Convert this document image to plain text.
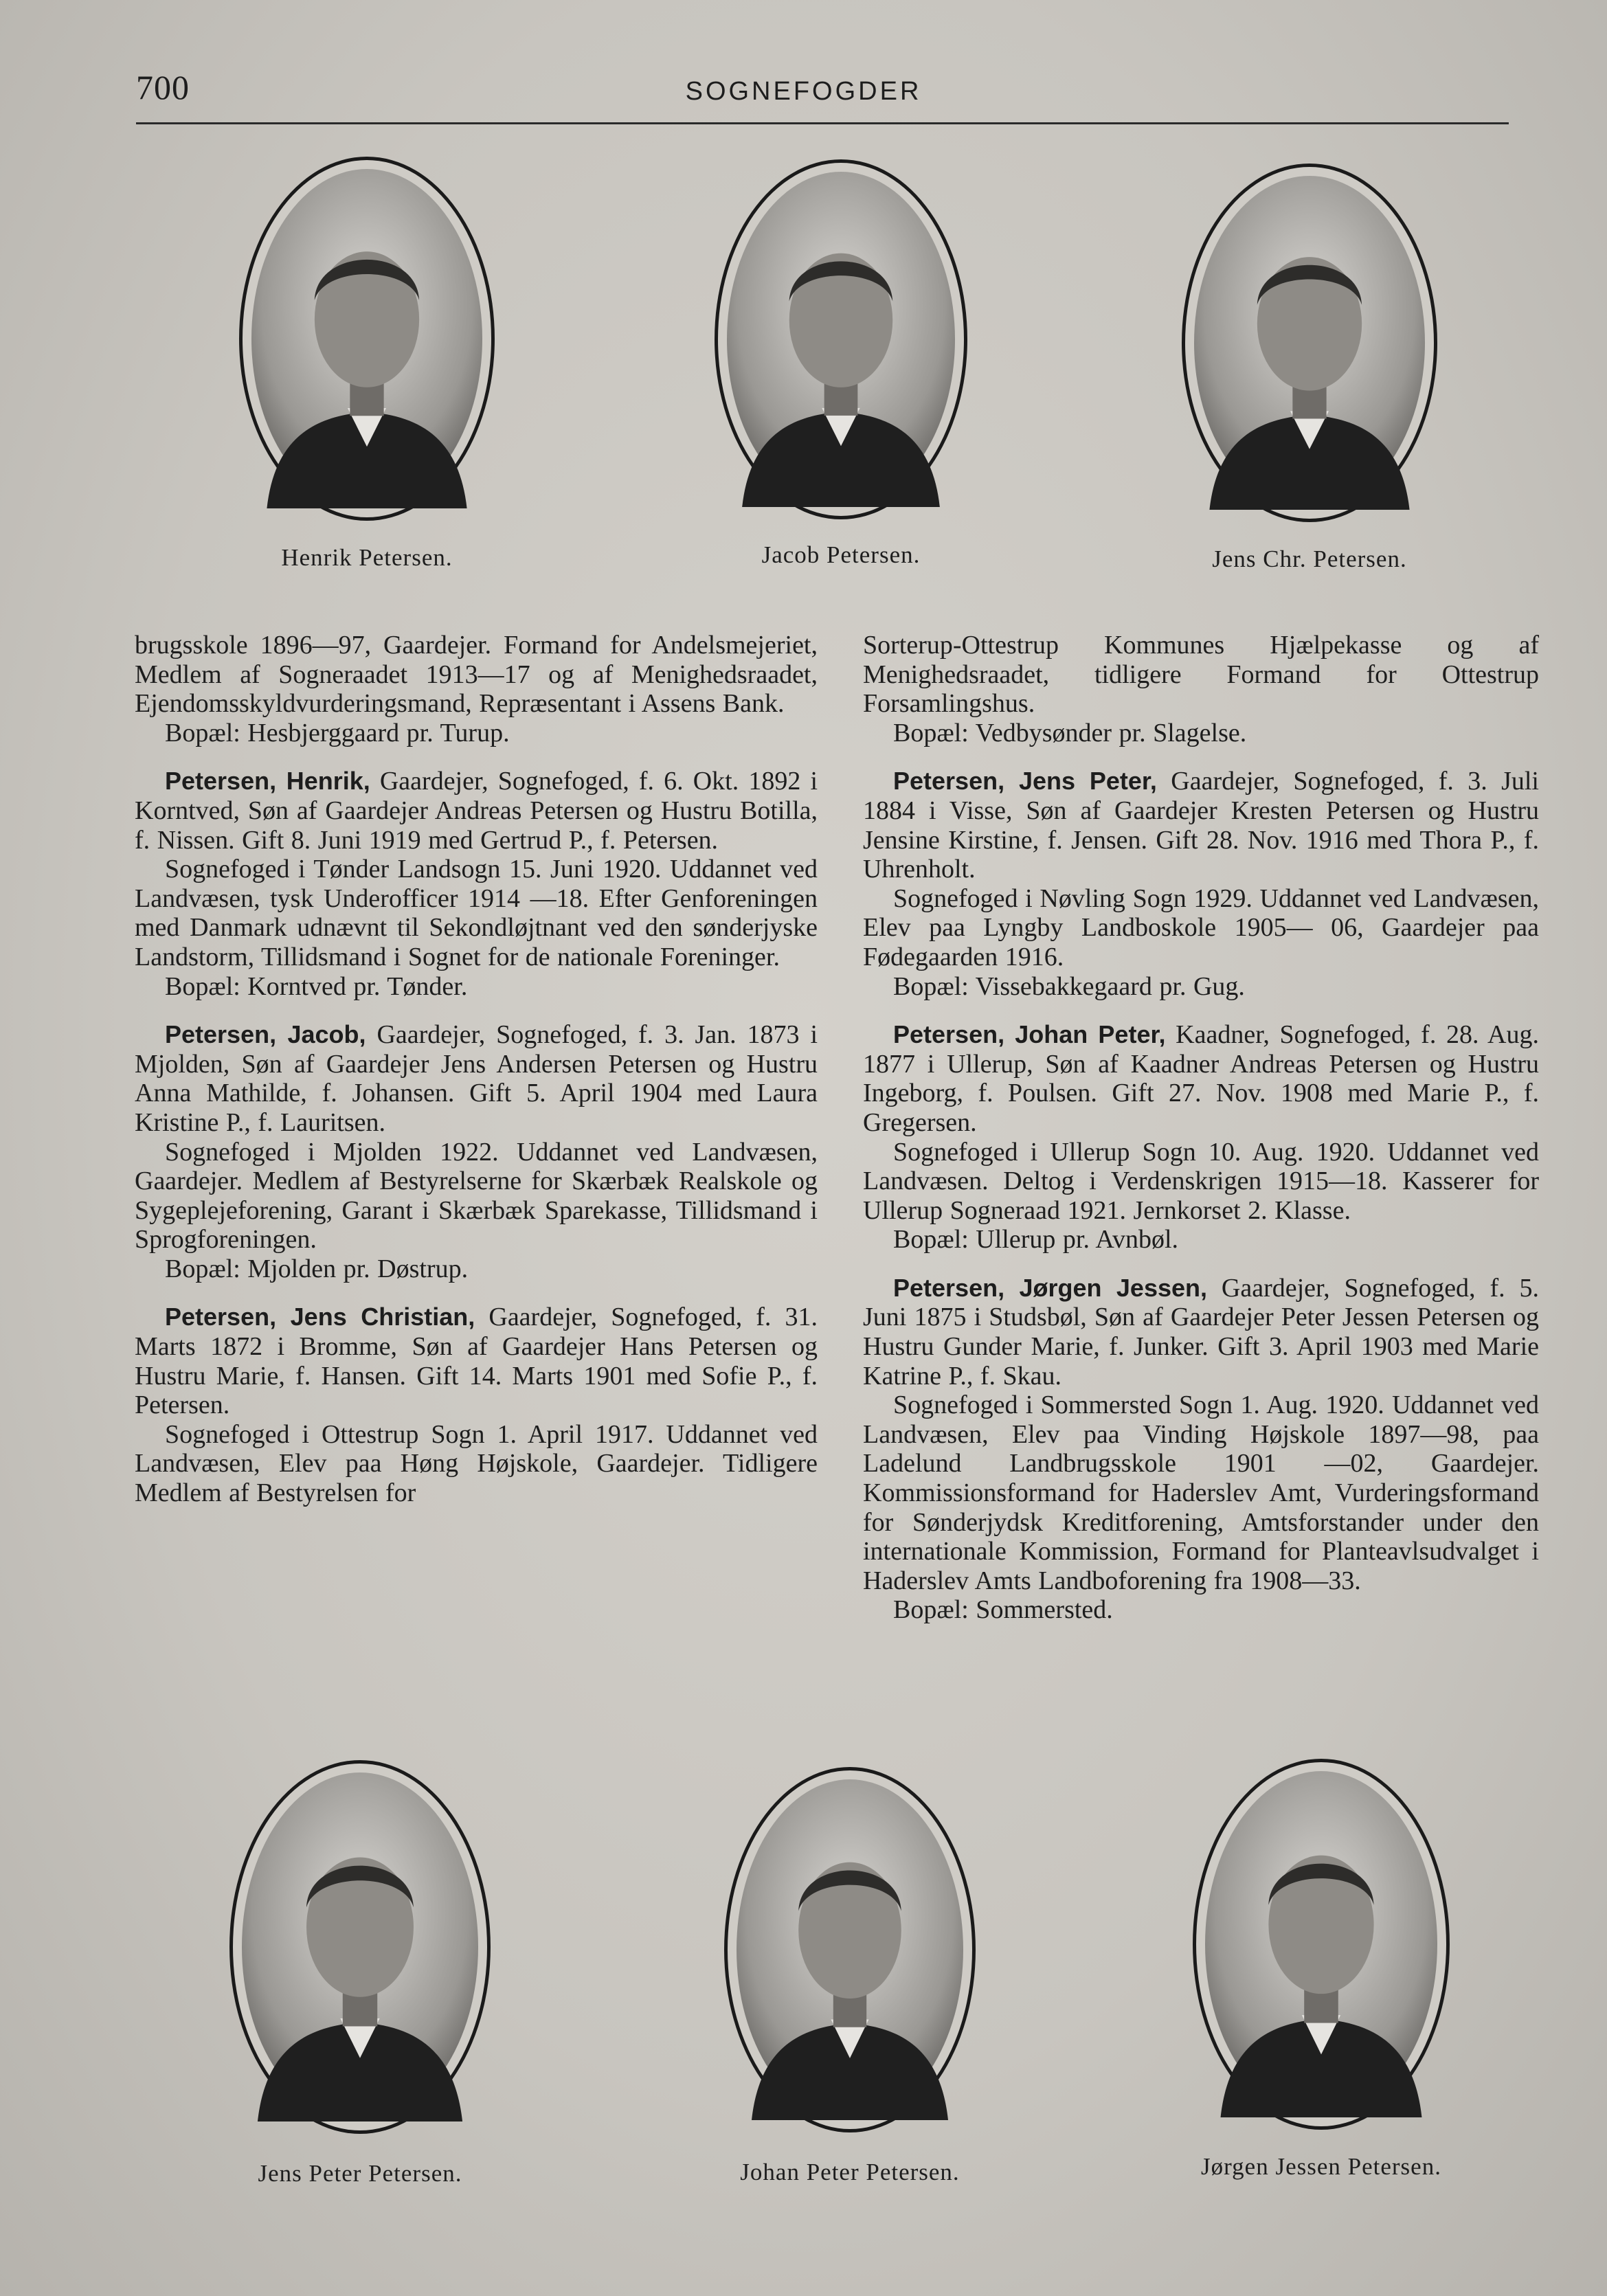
700	SOGNEFOGDER
Henrik Petersen.	Jacob Petersen.	Jens Chr. Petersen.

brugsskole 1896—97, Gaardejer. Formand for Andelsmejeriet, Medlem af Sogneraadet 1913—17 og af Menighedsraadet, Ejendomsskyldvurderingsmand, Repræsentant i Assens Bank.

Bopæl: Hesbjerggaard pr. Turup.

Petersen, Henrik, Gaardejer, Sognefoged, f. 6. Okt. 1892 i Korntved, Søn af Gaardejer Andreas Petersen og Hustru Botilla, f. Nissen. Gift 8. Juni 1919 med Gertrud P., f. Petersen.

Sognefoged i Tønder Landsogn 15. Juni 1920. Uddannet ved Landvæsen, tysk Underofficer 1914 —18. Efter Genforeningen med Danmark udnævnt til Sekondløjtnant ved den sønderjyske Landstorm, Tillidsmand i Sognet for de nationale Foreninger.

Bopæl: Korntved pr. Tønder.

Petersen, Jacob, Gaardejer, Sognefoged, f. 3. Jan. 1873 i Mjolden, Søn af Gaardejer Jens Andersen Petersen og Hustru Anna Mathilde, f. Johansen. Gift 5. April 1904 med Laura Kristine P., f. Lauritsen.

Sognefoged i Mjolden 1922. Uddannet ved Landvæsen, Gaardejer. Medlem af Bestyrelserne for Skærbæk Realskole og Sygeplejeforening, Garant i Skærbæk Sparekasse, Tillidsmand i Sprogforeningen.

Bopæl: Mjolden pr. Døstrup.

Petersen, Jens Christian, Gaardejer, Sognefoged, f. 31. Marts 1872 i Bromme, Søn af Gaardejer Hans Petersen og Hustru Marie, f. Hansen. Gift 14. Marts 1901 med Sofie P., f. Petersen.

Sognefoged i Ottestrup Sogn 1. April 1917. Uddannet ved Landvæsen, Elev paa Høng Højskole, Gaardejer. Tidligere Medlem af Bestyrelsen for

Sorterup-Ottestrup Kommunes Hjælpekasse og af Menighedsraadet, tidligere Formand for Ottestrup Forsamlingshus.

Bopæl: Vedbysønder pr. Slagelse.

Petersen, Jens Peter, Gaardejer, Sognefoged, f. 3. Juli 1884 i Visse, Søn af Gaardejer Kresten Petersen og Hustru Jensine Kirstine, f. Jensen. Gift 28. Nov. 1916 med Thora P., f. Uhrenholt.

Sognefoged i Nøvling Sogn 1929. Uddannet ved Landvæsen, Elev paa Lyngby Landboskole 1905— 06, Gaardejer paa Fødegaarden 1916.

Bopæl: Vissebakkegaard pr. Gug.

Petersen, Johan Peter, Kaadner, Sognefoged, f. 28. Aug. 1877 i Ullerup, Søn af Kaadner Andreas Petersen og Hustru Ingeborg, f. Poulsen. Gift 27. Nov. 1908 med Marie P., f. Gregersen.

Sognefoged i Ullerup Sogn 10. Aug. 1920. Uddannet ved Landvæsen. Deltog i Verdenskrigen 1915—18. Kasserer for Ullerup Sogneraad 1921. Jernkorset 2. Klasse.

Bopæl: Ullerup pr. Avnbøl.

Petersen, Jørgen Jessen, Gaardejer, Sognefoged, f. 5. Juni 1875 i Studsbøl, Søn af Gaardejer Peter Jessen Petersen og Hustru Gunder Marie, f. Junker. Gift 3. April 1903 med Marie Katrine P., f. Skau.

Sognefoged i Sommersted Sogn 1. Aug. 1920. Uddannet ved Landvæsen, Elev paa Vinding Højskole 1897—98, paa Ladelund Landbrugsskole 1901 —02, Gaardejer. Kommissionsformand for Haderslev Amt, Vurderingsformand for Sønderjydsk Kreditforening, Amtsforstander under den internationale Kommission, Formand for Planteavlsudvalget i Haderslev Amts Landboforening fra 1908—33.

Bopæl: Sommersted.

Jens Peter Petersen.	Johan Peter Petersen.	Jørgen Jessen Petersen.
